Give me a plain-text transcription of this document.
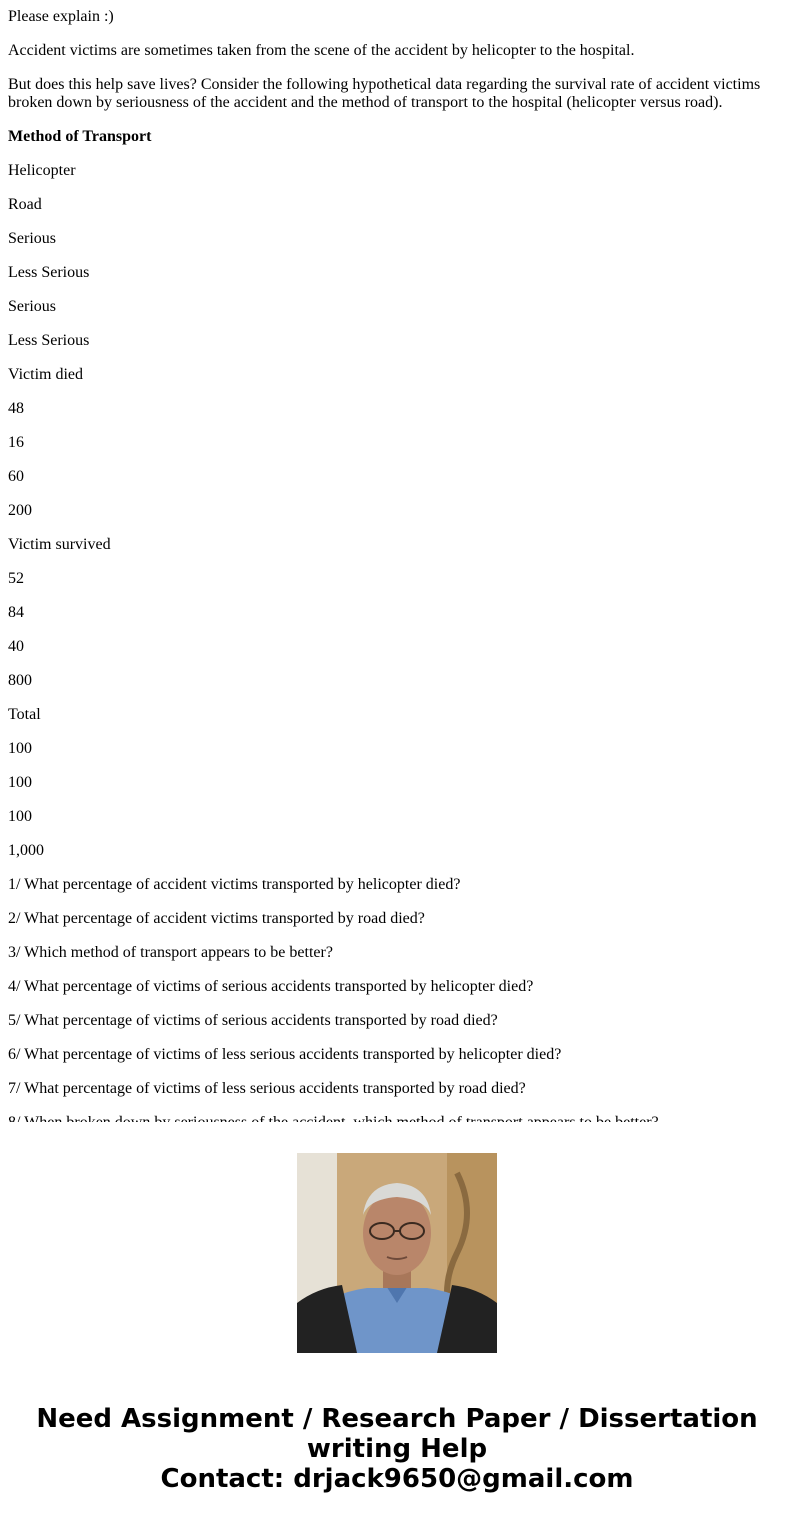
Please explain :)

Accident victims are sometimes taken from the scene of the accident by helicopter to the hospital.

But does this help save lives? Consider the following hypothetical data regarding the survival rate of accident victims broken down by seriousness of the accident and the method of transport to the hospital (helicopter versus road).

Method of Transport

Helicopter

Road

Serious

Less Serious

Serious

Less Serious

Victim died

48

16

60

200

Victim survived

52

84

40

800

Total

100

100

100

1,000

1/ What percentage of accident victims transported by helicopter died?

2/ What percentage of accident victims transported by road died?

3/ Which method of transport appears to be better?

4/ What percentage of victims of serious accidents transported by helicopter died?

5/ What percentage of victims of serious accidents transported by road died?

6/ What percentage of victims of less serious accidents transported by helicopter died?

7/ What percentage of victims of less serious accidents transported by road died?

Need Assignment / Research Paper / Dissertation
writing Help
Contact: drjack9650@gmail.com
